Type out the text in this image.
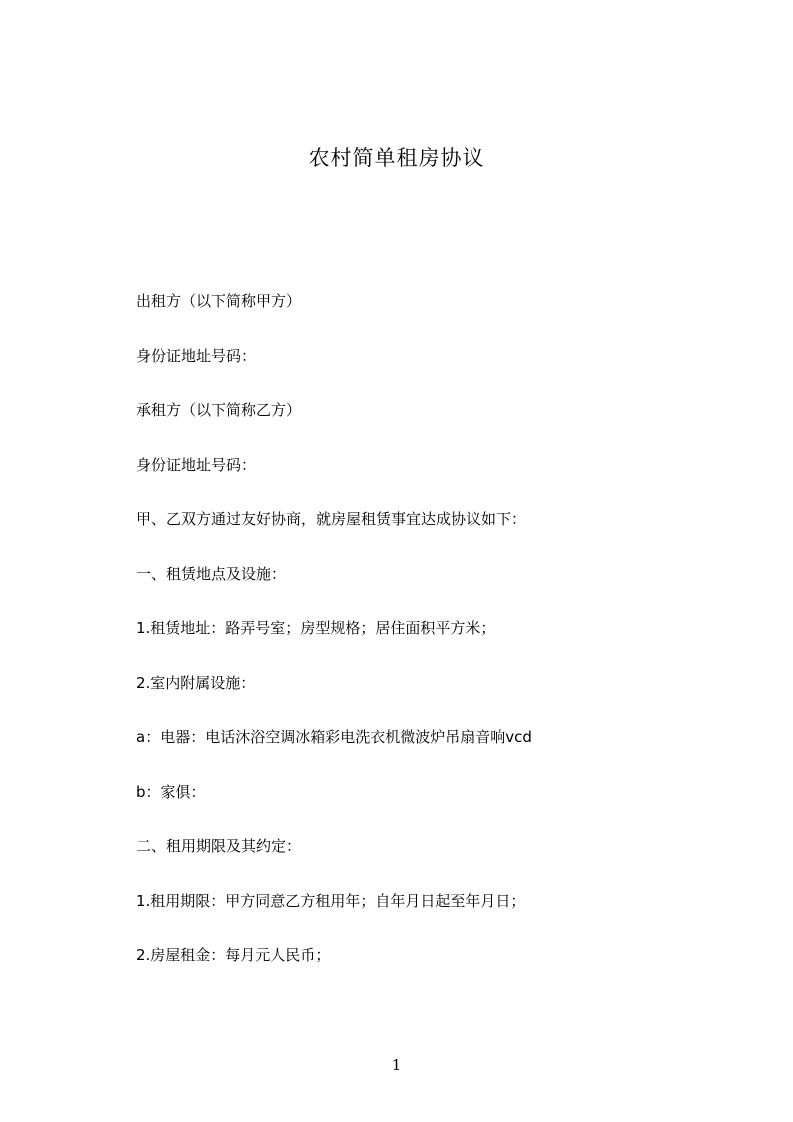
农村简单租房协议
出租方（以下简称甲方）
身份证地址号码：
承租方（以下简称乙方）
身份证地址号码：
甲、乙双方通过友好协商，就房屋租赁事宜达成协议如下：
一、租赁地点及设施：
1.租赁地址：路弄号室；房型规格；居住面积平方米；
2.室内附属设施：
a：电器：电话沐浴空调冰箱彩电洗衣机微波炉吊扇音响vcd
b：家俱：
二、租用期限及其约定：
1.租用期限：甲方同意乙方租用年；自年月日起至年月日；
2.房屋租金：每月元人民币；
1
